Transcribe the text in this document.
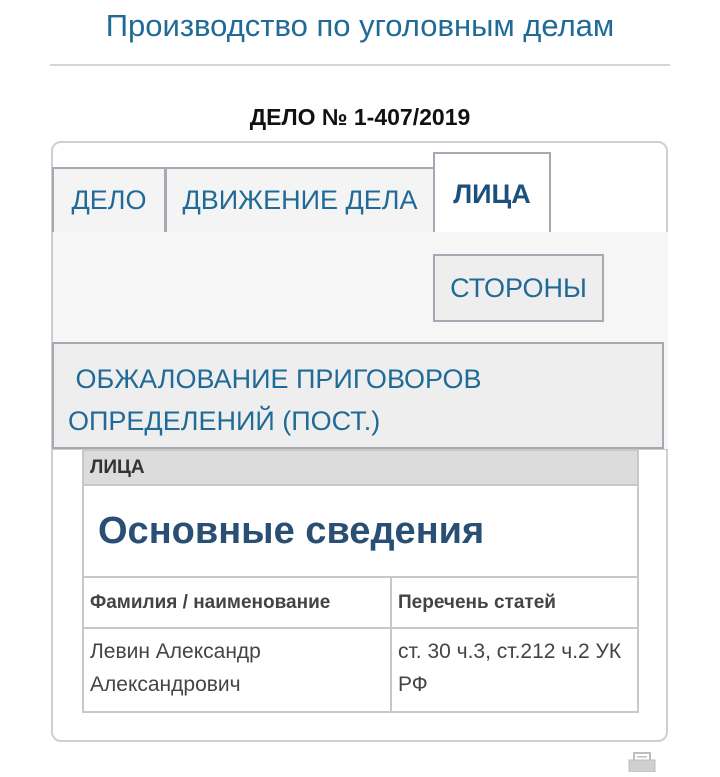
Производство по уголовным делам
ДЕЛО № 1-407/2019
ДЕЛО	ДВИЖЕНИЕ ДЕЛА	ЛИЦА
СТОРОНЫ
ОБЖАЛОВАНИЕ ПРИГОВОРОВ
ОПРЕДЕЛЕНИЙ (ПОСТ.)
ЛИЦА	
Основные сведения	
Фамилия / наименование	Перечень статей
Левин Александр Александрович	ст. 30 ч.3, ст.212 ч.2 УК РФ
